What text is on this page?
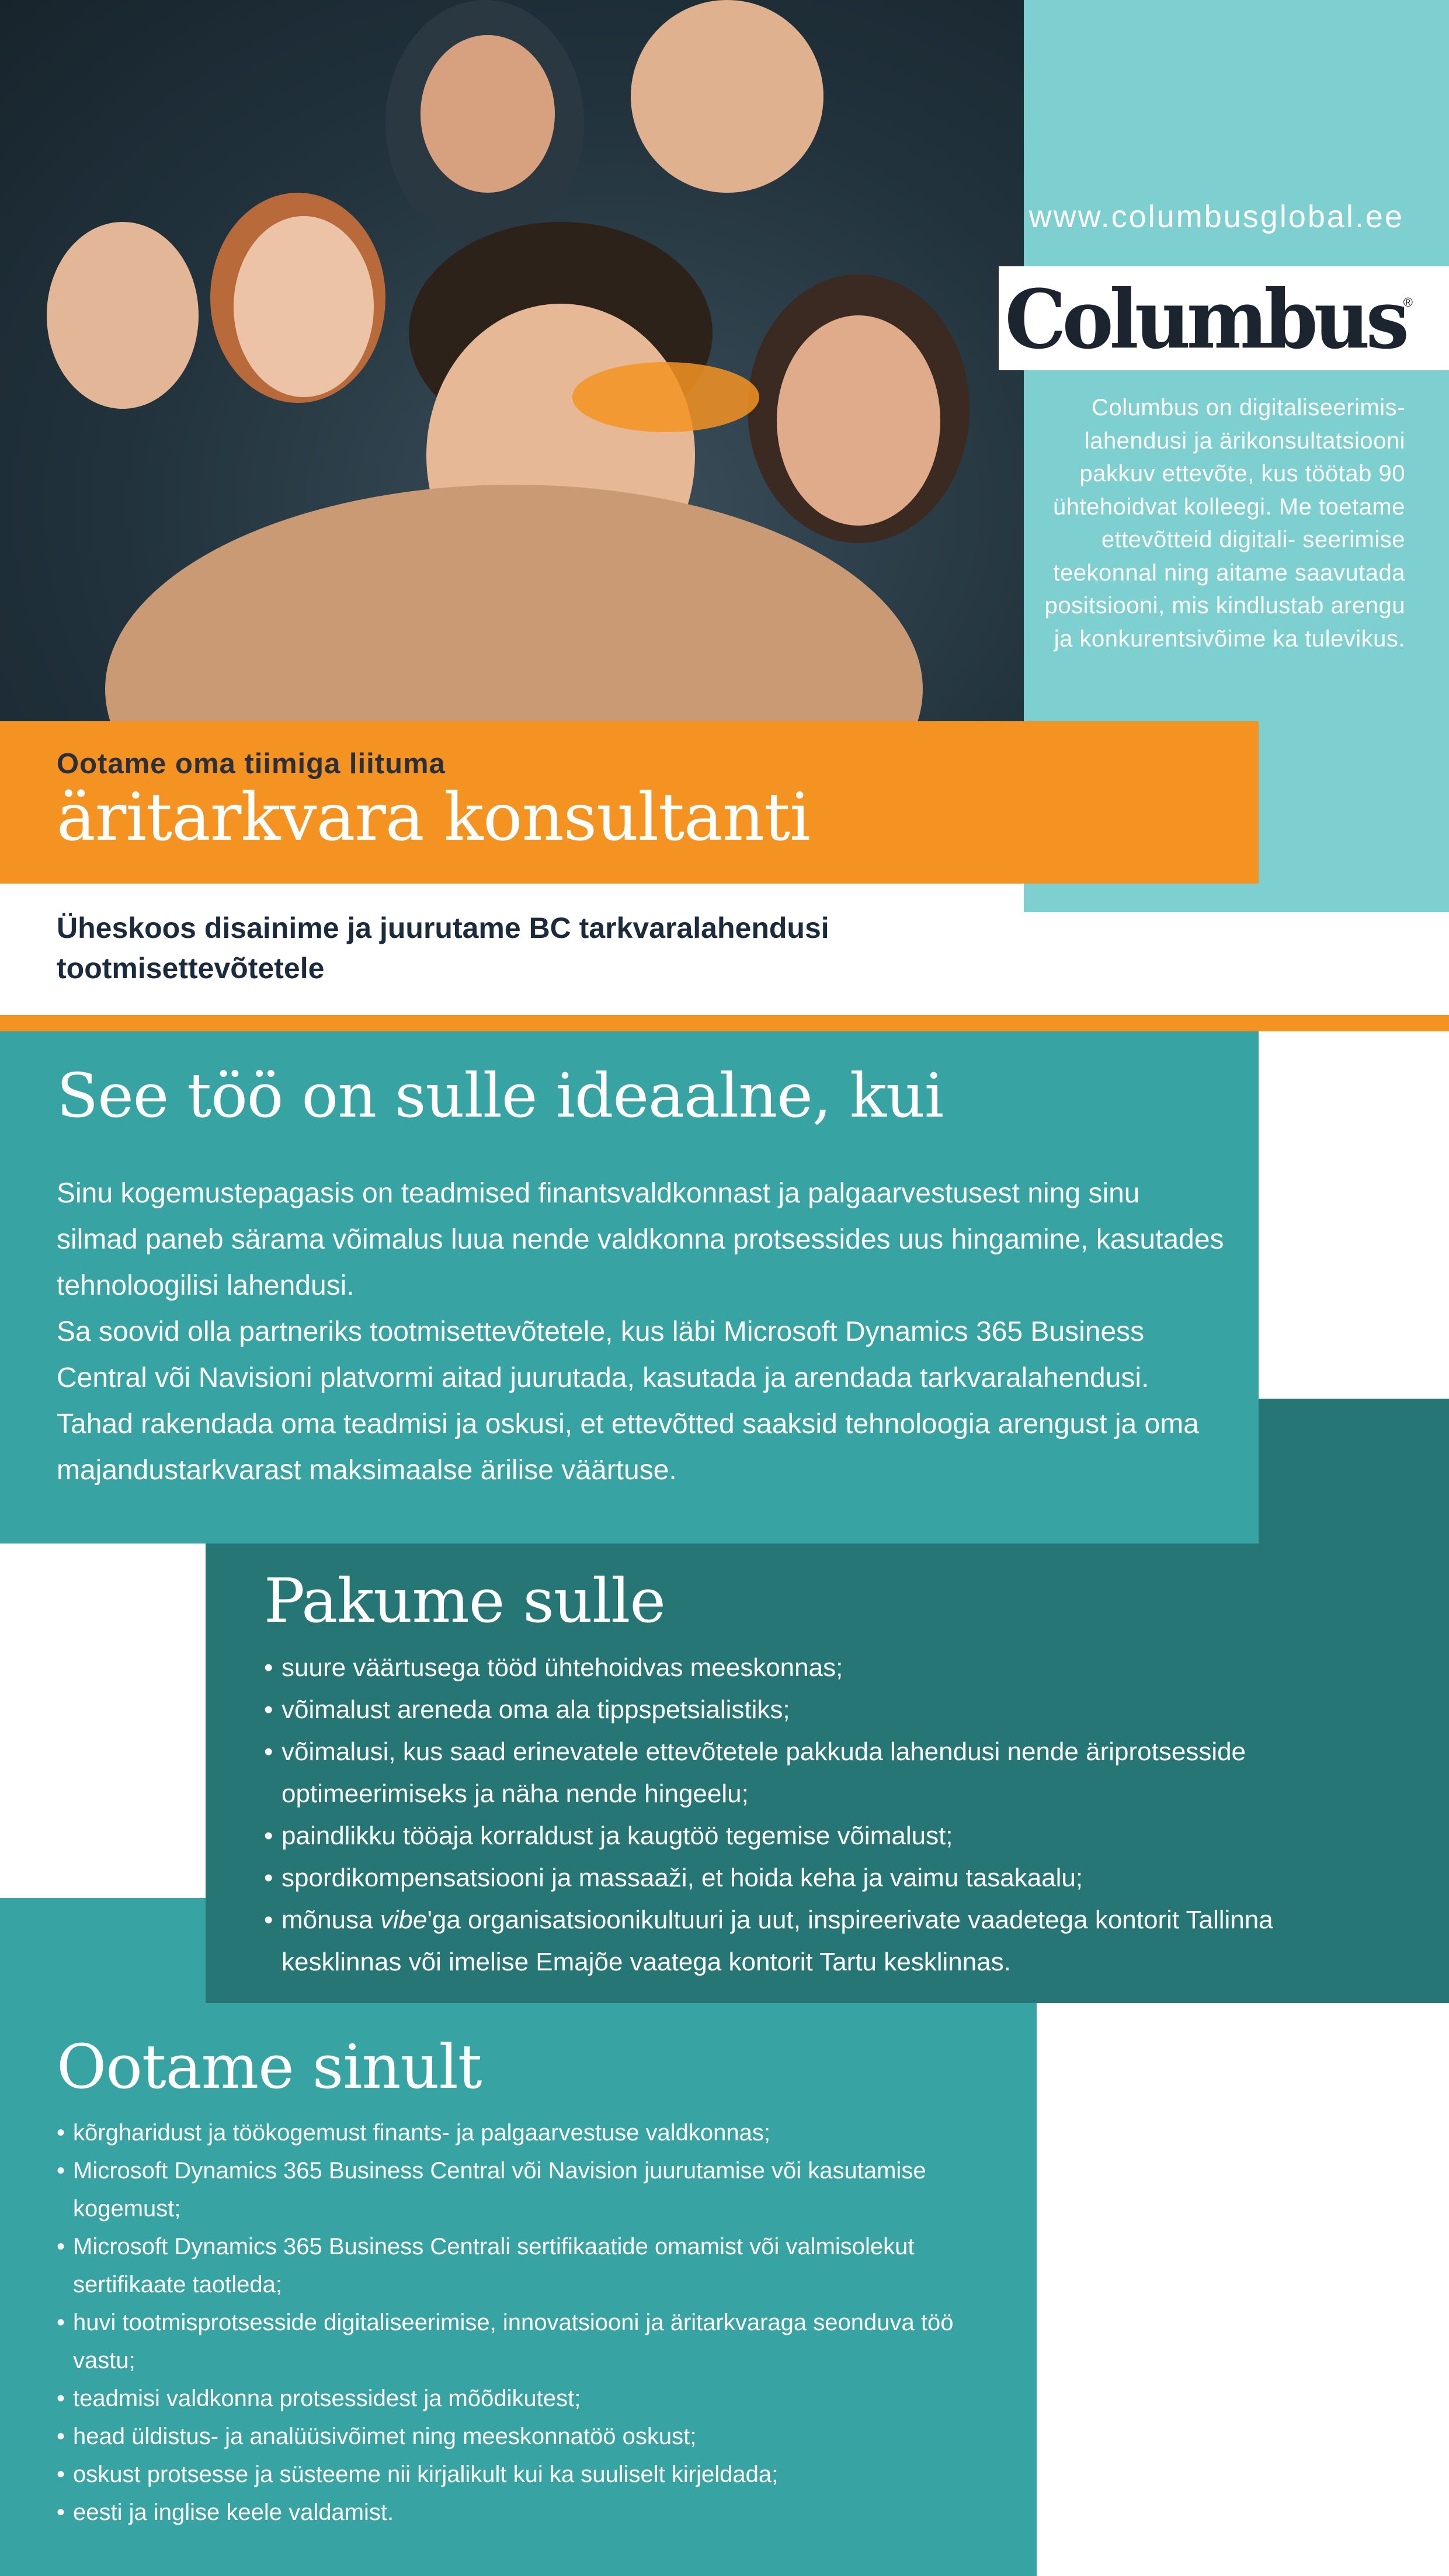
www.columbusglobal.ee
Columbus
®
Columbus on digitaliseerimis- lahendusi ja ärikonsultatsiooni pakkuv ettevõte, kus töötab 90 ühtehoidvat kolleegi. Me toetame ettevõtteid digitali- seerimise teekonnal ning aitame saavutada positsiooni, mis kindlustab arengu ja konkurentsivõime ka tulevikus.
Ootame oma tiimiga liituma
äritarkvara konsultanti
Üheskoos disainime ja juurutame BC tarkvaralahendusi tootmisettevõtetele
See töö on sulle ideaalne, kui

Sinu kogemustepagasis on teadmised finantsvaldkonnast ja palgaarvestusest ning sinu silmad paneb särama võimalus luua nende valdkonna protsessides uus hingamine, kasutades tehnoloogilisi lahendusi.

Sa soovid olla partneriks tootmisettevõtetele, kus läbi Microsoft Dynamics 365 Business Central või Navisioni platvormi aitad juurutada, kasutada ja arendada tarkvaralahendusi. Tahad rakendada oma teadmisi ja oskusi, et ettevõtted saaksid tehnoloogia arengust ja oma majandustarkvarast maksimaalse ärilise väärtuse.

Pakume sulle
• suure väärtusega tööd ühtehoidvas meeskonnas;
• võimalust areneda oma ala tippspetsialistiks;
• võimalusi, kus saad erinevatele ettevõtetele pakkuda lahendusi nende äriprotsesside optimeerimiseks ja näha nende hingeelu;
• paindlikku tööaja korraldust ja kaugtöö tegemise võimalust;
• spordikompensatsiooni ja massaaži, et hoida keha ja vaimu tasakaalu;
• mõnusa vibe'ga organisatsioonikultuuri ja uut, inspireerivate vaadetega kontorit Tallinna kesklinnas või imelise Emajõe vaatega kontorit Tartu kesklinnas.
Ootame sinult
• kõrgharidust ja töökogemust finants- ja palgaarvestuse valdkonnas;
• Microsoft Dynamics 365 Business Central või Navision juurutamise või kasutamise kogemust;
• Microsoft Dynamics 365 Business Centrali sertifikaatide omamist või valmisolekut sertifikaate taotleda;
• huvi tootmisprotsesside digitaliseerimise, innovatsiooni ja äritarkvaraga seonduva töö vastu;
• teadmisi valdkonna protsessidest ja mõõdikutest;
• head üldistus- ja analüüsivõimet ning meeskonnatöö oskust;
• oskust protsesse ja süsteeme nii kirjalikult kui ka suuliselt kirjeldada;
• eesti ja inglise keele valdamist.
